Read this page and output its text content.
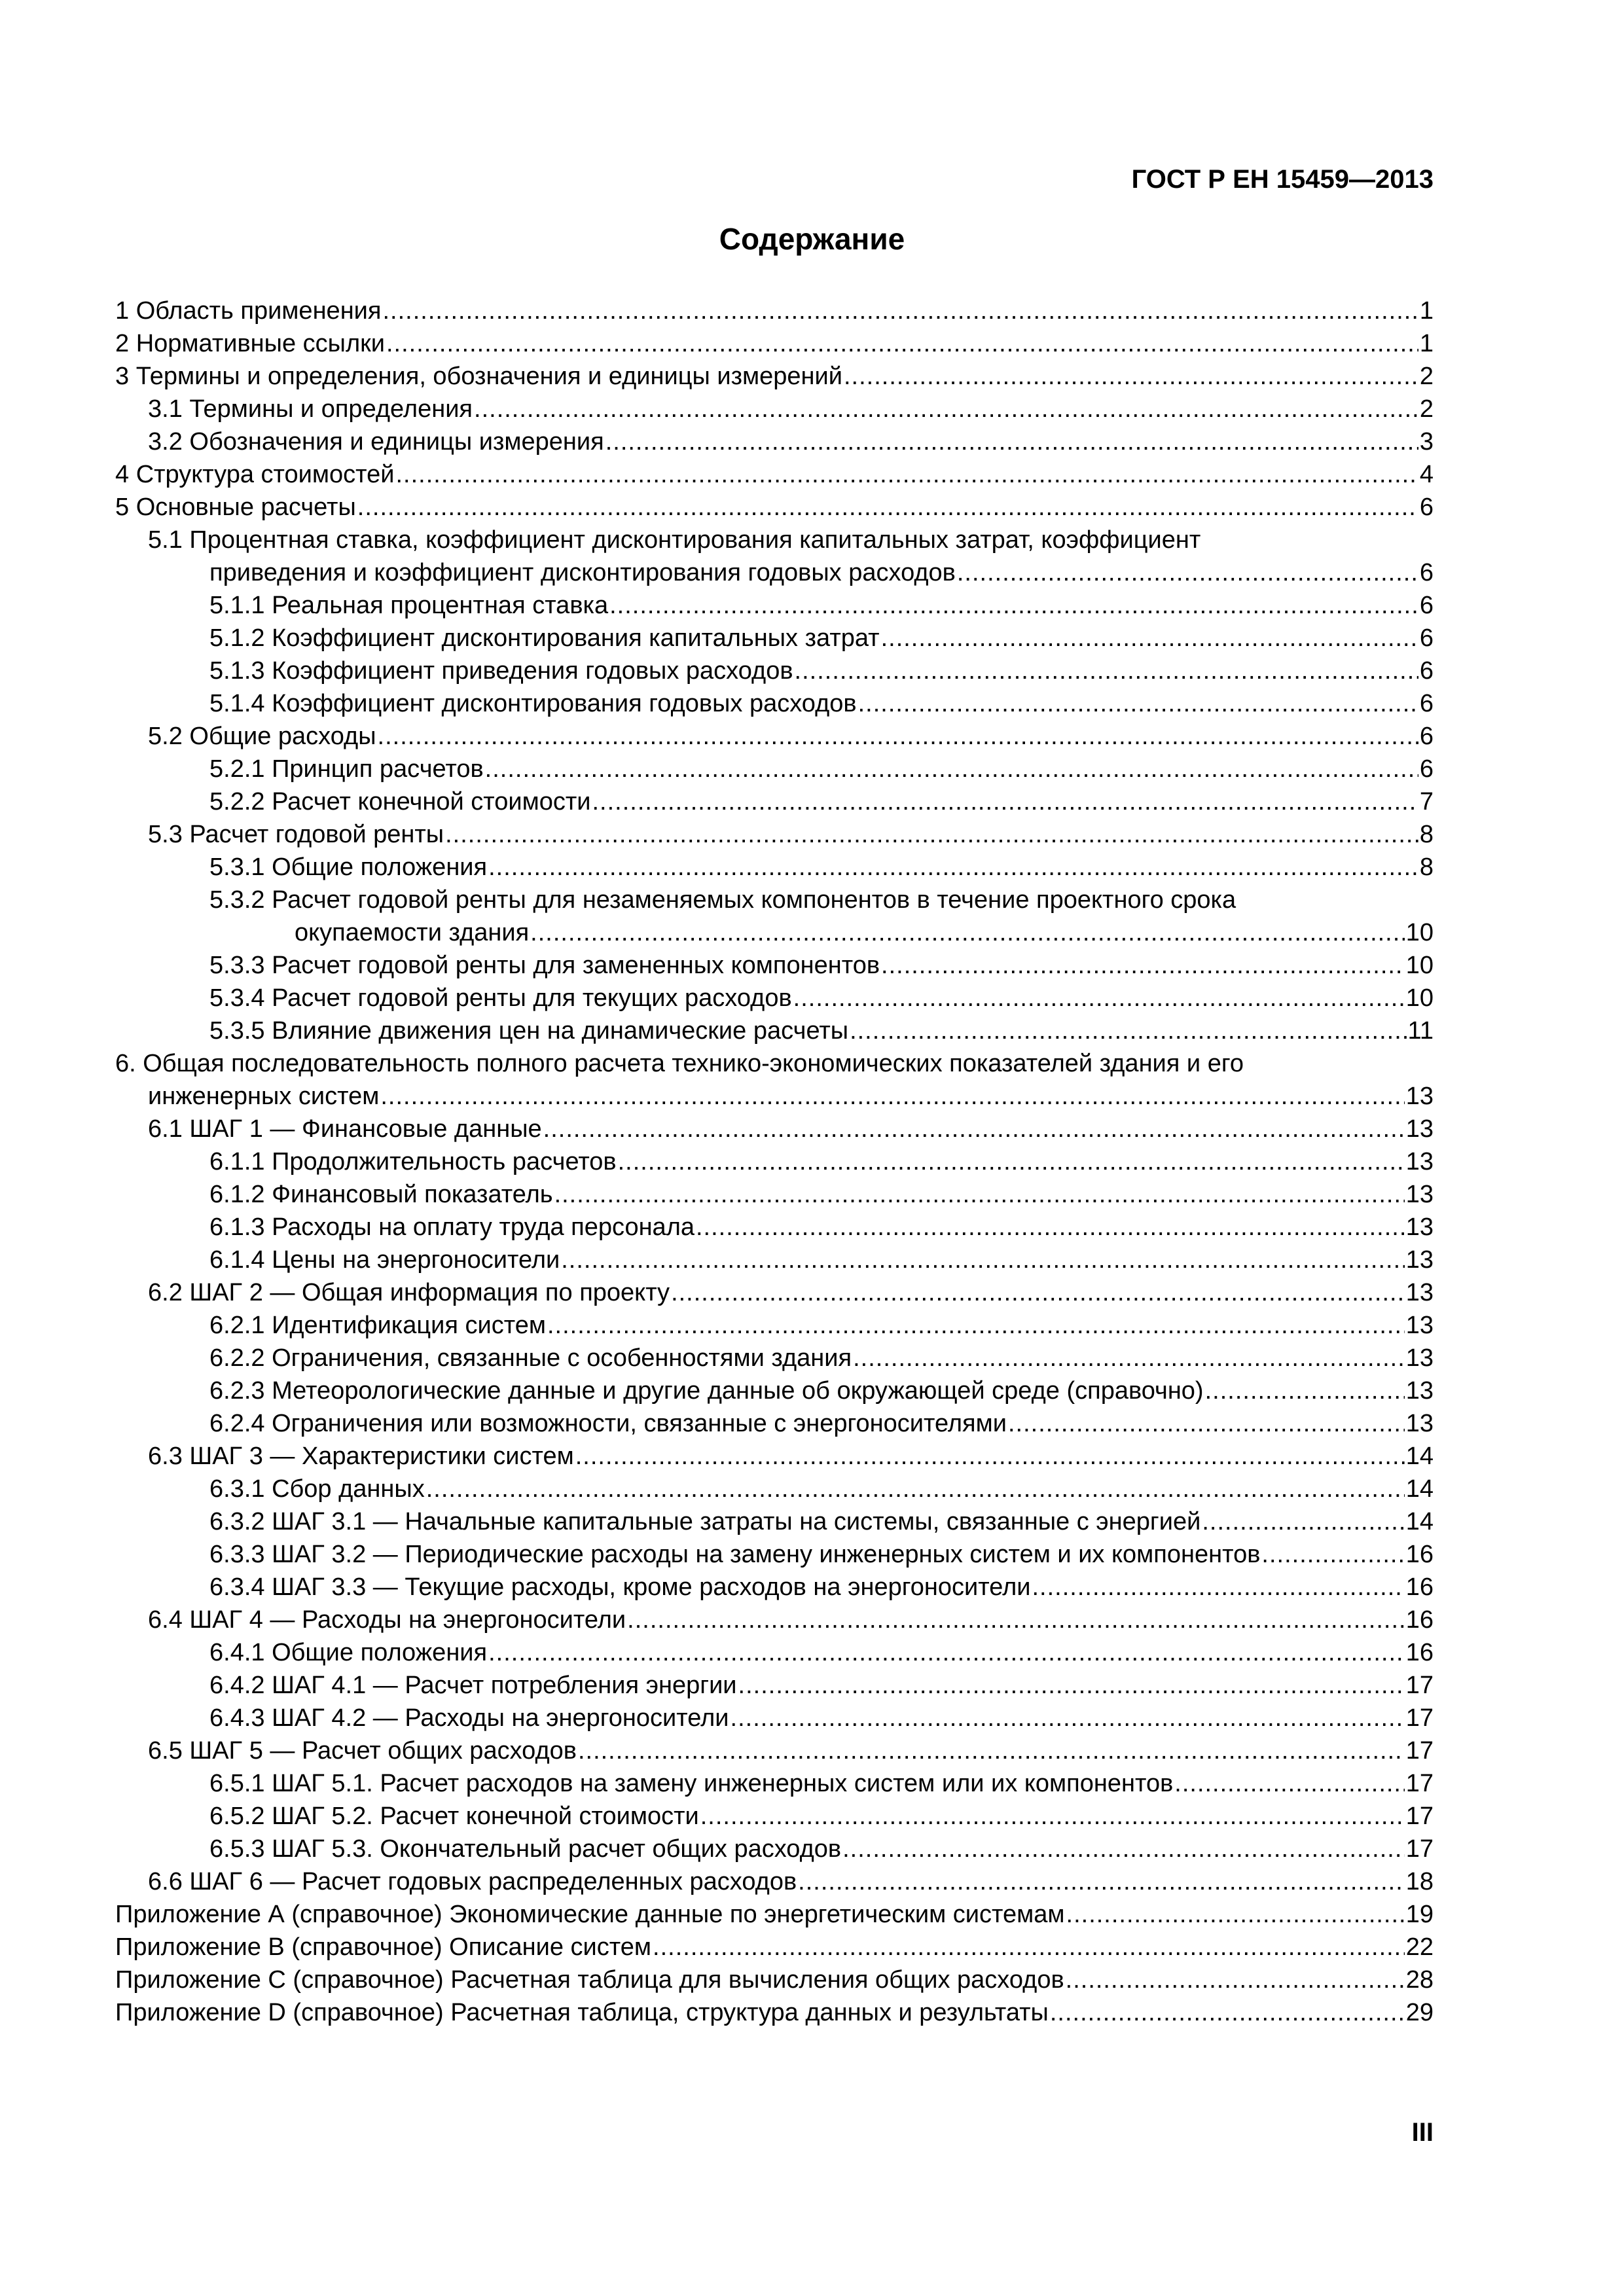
ГОСТ Р ЕН 15459—2013
Содержание
1 Область применения .....	1
2 Нормативные ссылки .....	1
3 Термины и определения, обозначения и единицы измерений .....	2
3.1 Термины и определения .....	2
3.2 Обозначения и единицы измерения .....	3
4 Структура стоимостей .....	4
5 Основные расчеты .....	6
5.1 Процентная ставка, коэффициент дисконтирования капитальных затрат, коэффициент
приведения и коэффициент дисконтирования годовых расходов .....	6
5.1.1 Реальная процентная ставка .....	6
5.1.2 Коэффициент дисконтирования капитальных затрат .....	6
5.1.3 Коэффициент приведения годовых расходов .....	6
5.1.4 Коэффициент дисконтирования годовых расходов .....	6
5.2 Общие расходы .....	6
5.2.1 Принцип расчетов .....	6
5.2.2 Расчет конечной стоимости .....	7
5.3 Расчет годовой ренты .....	8
5.3.1 Общие положения .....	8
5.3.2 Расчет годовой ренты для незаменяемых компонентов в течение проектного срока
окупаемости здания .....	10
5.3.3 Расчет годовой ренты для замененных компонентов .....	10
5.3.4 Расчет годовой ренты для текущих расходов .....	10
5.3.5 Влияние движения цен на динамические расчеты .....	11
6. Общая последовательность полного расчета технико-экономических показателей здания и его
инженерных систем .....	13
6.1 ШАГ 1 — Финансовые данные .....	13
6.1.1 Продолжительность расчетов .....	13
6.1.2 Финансовый показатель .....	13
6.1.3 Расходы на оплату труда персонала .....	13
6.1.4 Цены на энергоносители .....	13
6.2 ШАГ 2 — Общая информация по проекту .....	13
6.2.1 Идентификация систем .....	13
6.2.2 Ограничения, связанные с особенностями здания .....	13
6.2.3 Метеорологические данные и другие данные об окружающей среде (справочно) .....	13
6.2.4 Ограничения или возможности, связанные с энергоносителями .....	13
6.3 ШАГ 3 — Характеристики систем .....	14
6.3.1 Сбор данных .....	14
6.3.2 ШАГ 3.1 — Начальные капитальные затраты на системы, связанные с энергией .....	14
6.3.3 ШАГ 3.2 — Периодические расходы на замену инженерных систем и их компонентов .....	16
6.3.4 ШАГ 3.3 — Текущие расходы, кроме расходов на энергоносители .....	16
6.4 ШАГ 4 — Расходы на энергоносители .....	16
6.4.1 Общие положения .....	16
6.4.2 ШАГ 4.1 — Расчет потребления энергии .....	17
6.4.3 ШАГ 4.2 — Расходы на энергоносители .....	17
6.5 ШАГ 5 — Расчет общих расходов .....	17
6.5.1 ШАГ 5.1. Расчет расходов на замену инженерных систем или их компонентов .....	17
6.5.2 ШАГ 5.2. Расчет конечной стоимости .....	17
6.5.3 ШАГ 5.3. Окончательный расчет общих расходов .....	17
6.6 ШАГ 6 — Расчет годовых распределенных расходов .....	18
Приложение А (справочное) Экономические данные по энергетическим системам .....	19
Приложение В (справочное) Описание систем .....	22
Приложение С (справочное) Расчетная таблица для вычисления общих расходов .....	28
Приложение D (справочное) Расчетная таблица, структура данных и результаты .....	29
III
